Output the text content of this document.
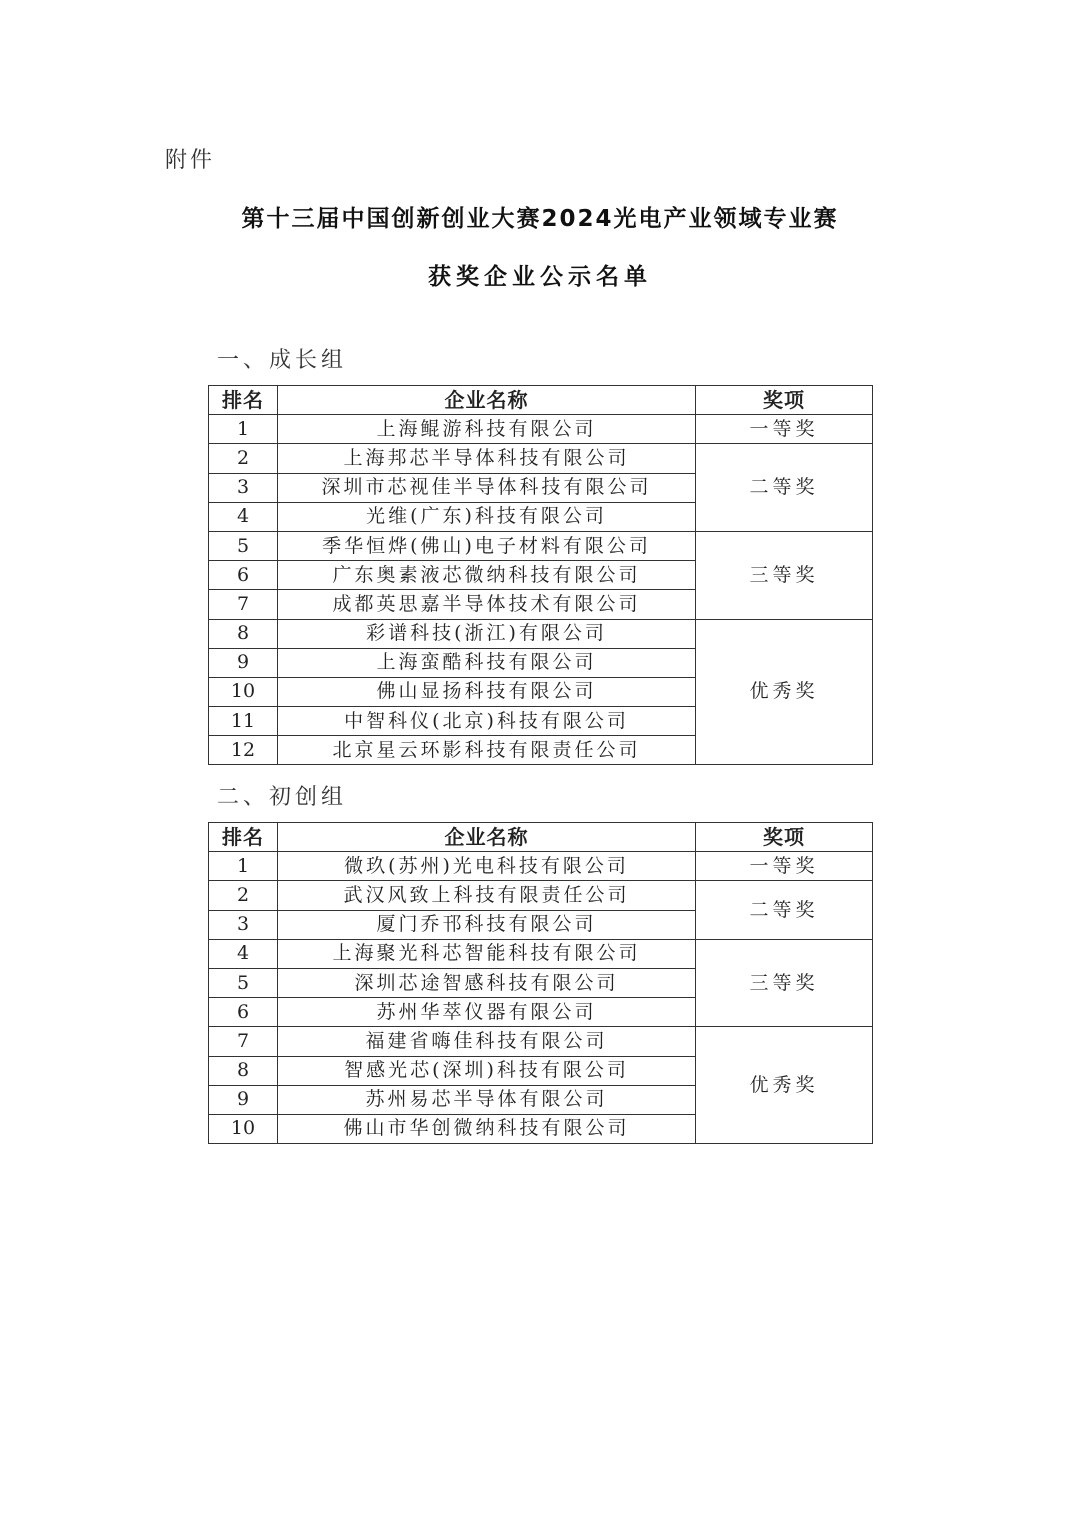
附件
第十三届中国创新创业大赛2024光电产业领域专业赛
获奖企业公示名单
一、成长组
排名	企业名称	奖项
1	上海鲲游科技有限公司	一等奖
2	上海邦芯半导体科技有限公司	二等奖
3	深圳市芯视佳半导体科技有限公司	
4	光维(广东)科技有限公司	
5	季华恒烨(佛山)电子材料有限公司	三等奖
6	广东奥素液芯微纳科技有限公司	
7	成都英思嘉半导体技术有限公司	
8	彩谱科技(浙江)有限公司	优秀奖
9	上海蛮酷科技有限公司	
10	佛山显扬科技有限公司	
11	中智科仪(北京)科技有限公司	
12	北京星云环影科技有限责任公司	
二、初创组
排名	企业名称	奖项
1	微玖(苏州)光电科技有限公司	一等奖
2	武汉风致上科技有限责任公司	二等奖
3	厦门乔邗科技有限公司	
4	上海聚光科芯智能科技有限公司	三等奖
5	深圳芯途智感科技有限公司	
6	苏州华萃仪器有限公司	
7	福建省嗨佳科技有限公司	优秀奖
8	智感光芯(深圳)科技有限公司	
9	苏州易芯半导体有限公司	
10	佛山市华创微纳科技有限公司	
